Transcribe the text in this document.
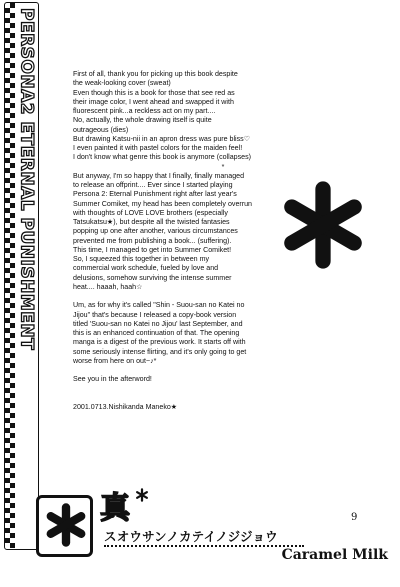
PERSONA2 ETERNAL PUNISHMENT	First of all, thank you for picking up this book despite
the weak-looking cover (sweat)
Even though this is a book for those that see red as
their image color, I went ahead and swapped it with
fluorescent pink...a reckless act on my part....
No, actually, the whole drawing itself is quite
outrageous (dies)
But drawing Katsu-nii in an apron dress was pure bliss♡
I even painted it with pastel colors for the maiden feel!
I don't know what genre this book is anymore (collapses)

*

But anyway, I'm so happy that I finally, finally managed
to release an offprint.... Ever since I started playing
Persona 2: Eternal Punishment right after last year's
Summer Comiket, my head has been completely overrun
with thoughts of LOVE LOVE brothers (especially
Tatsukatsu★), but despite all the twisted fantasies
popping up one after another, various circumstances
prevented me from publishing a book... (suffering).
This time, I managed to get into Summer Comiket!
So, I squeezed this together in between my
commercial work schedule, fueled by love and
delusions, somehow surviving the intense summer
heat.... haaah, haah☆

Um, as for why it's called "Shin - Suou-san no Katei no
Jijou" that's because I released a copy-book version
titled 'Suou-san no Katei no Jijou' last September, and
this is an enhanced continuation of that. The opening
manga is a digest of the previous work. It starts off with
some seriously intense flirting, and it's only going to get
worse from here on out~♪*

See you in the afterword!

2001.0713.Nishikanda Maneko★

真
スオウサンノカテイノジジョウ
Caramel Milk
9
